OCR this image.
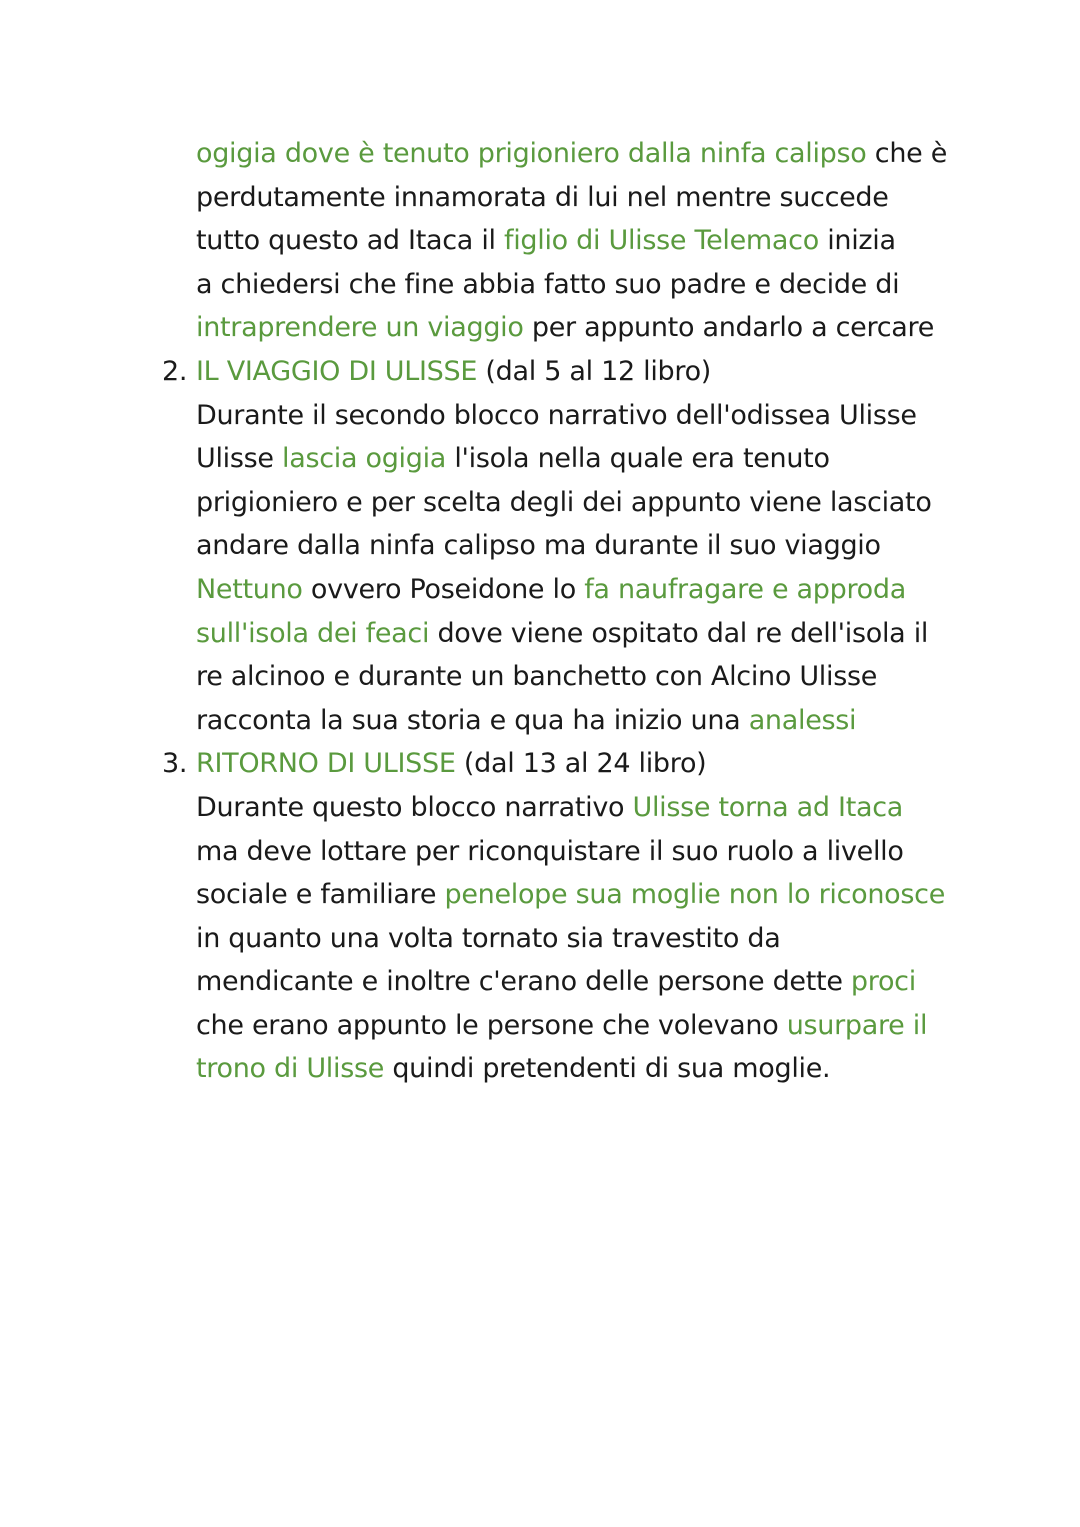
ogigia dove è tenuto prigioniero dalla ninfa calipso che è
perdutamente innamorata di lui nel mentre succede
tutto questo ad Itaca il figlio di Ulisse Telemaco inizia
a chiedersi che fine abbia fatto suo padre e decide di
intraprendere un viaggio per appunto andarlo a cercare
2. IL VIAGGIO DI ULISSE (dal 5 al 12 libro)
Durante il secondo blocco narrativo dell'odissea Ulisse
Ulisse lascia ogigia l'isola nella quale era tenuto
prigioniero e per scelta degli dei appunto viene lasciato
andare dalla ninfa calipso ma durante il suo viaggio
Nettuno ovvero Poseidone lo fa naufragare e approda
sull'isola dei feaci dove viene ospitato dal re dell'isola il
re alcinoo e durante un banchetto con Alcino Ulisse
racconta la sua storia e qua ha inizio una analessi
3. RITORNO DI ULISSE (dal 13 al 24 libro)
Durante questo blocco narrativo Ulisse torna ad Itaca
ma deve lottare per riconquistare il suo ruolo a livello
sociale e familiare penelope sua moglie non lo riconosce
in quanto una volta tornato sia travestito da
mendicante e inoltre c'erano delle persone dette proci
che erano appunto le persone che volevano usurpare il
trono di Ulisse quindi pretendenti di sua moglie.
